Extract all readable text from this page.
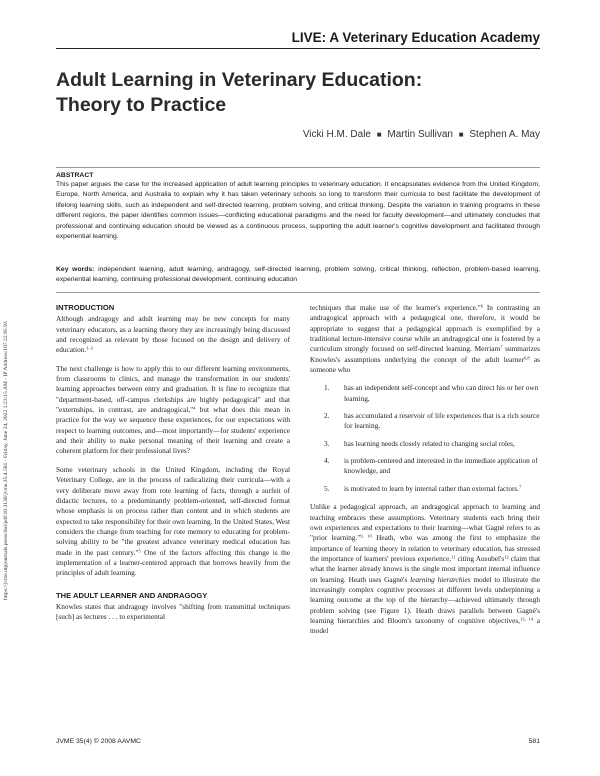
LIVE: A Veterinary Education Academy
Adult Learning in Veterinary Education:
Theory to Practice
Vicki H.M. Dale ■ Martin Sullivan ■ Stephen A. May
https://jvme.utpjournals.press/doi/pdf/10.3138/jvme.35.4.581 - Friday, June 24, 2022 1:23:15 AM - IP Address:107.22.95.93
ABSTRACT
This paper argues the case for the increased application of adult learning principles to veterinary education. It encapsulates evidence from the United Kingdom, Europe, North America, and Australia to explain why it has taken veterinary schools so long to transform their curricula to best facilitate the development of lifelong learning skills, such as independent and self-directed learning, problem solving, and critical thinking. Despite the variation in training programs in these different regions, the paper identifies common issues—conflicting educational paradigms and the need for faculty development—and ultimately concludes that professional and continuing education should be viewed as a continuous process, supporting the adult learner's cognitive development and facilitated through experiential learning.
Key words: independent learning, adult learning, andragogy, self-directed learning, problem solving, critical thinking, reflection, problem-based learning, experiential learning, continuing professional development, continuing education
INTRODUCTION

Although andragogy and adult learning may be new concepts for many veterinary educators, as a learning theory they are increasingly being discussed and recognized as relevant by those focused on the design and delivery of education.$^{1-3}$

The next challenge is how to apply this to our different learning environments, from classrooms to clinics, and manage the transformation in our students' learning approaches between entry and graduation. It is fine to recognize that "department-based, off-campus clerkships are highly pedagogical" and that "externships, in contrast, are andragogical,"$^4$ but what does this mean in practice for the way we sequence these experiences, for our expectations with respect to learning outcomes, and—most importantly—for students' experience and their ability to make personal meaning of their learning and create a coherent platform for their professional lives?

Some veterinary schools in the United Kingdom, including the Royal Veterinary College, are in the process of radicalizing their curricula—with a very deliberate move away from rote learning of facts, through a surfeit of didactic lectures, to a predominantly problem-oriented, self-directed format whose emphasis is on process rather than content and in which students are expected to take responsibility for their own learning. In the United States, West considers the change from teaching for rote memory to educating for problem-solving ability to be "the greatest advance veterinary medical education has made in the past century."$^5$ One of the factors affecting this change is the implementation of a learner-centered approach that borrows heavily from the principles of adult learning.

THE ADULT LEARNER AND ANDRAGOGY

Knowles states that andragogy involves "shifting from transmittal techniques [such] as lectures . . . to experimental

techniques that make use of the learner's experience."$^6$ In contrasting an andragogical approach with a pedagogical one, therefore, it would be appropriate to suggest that a pedagogical approach is exemplified by a traditional lecture-intensive course while an andragogical one is fostered by a curriculum strongly focused on self-directed learning. Merriam$^7$ summarizes Knowles's assumptions underlying the concept of the adult learner$^{6,8}$ as someone who

1.	has an independent self-concept and who can direct his or her own learning,
2.	has accumulated a reservoir of life experiences that is a rich source for learning,
3.	has learning needs closely related to changing social roles,
4.	is problem-centered and interested in the immediate application of knowledge, and
5.	is motivated to learn by internal rather than external factors.$^7$

Unlike a pedagogical approach, an andragogical approach to learning and teaching embraces these assumptions. Veterinary students each bring their own experiences and expectations to their learning—what Gagné refers to as "prior learning."$^{9, 10}$ Heath, who was among the first to emphasize the importance of learning theory in relation to veterinary education, has stressed the importance of learners' previous experience,$^{11}$ citing $Ausubel's^{12}$ claim that what the learner already knows is the single most important internal influence on learning. Heath uses Gagné's learning hierarchies model to illustrate the increasingly complex cognitive processes at different levels underpinning a learning outcome at the top of the hierarchy—achieved ultimately through problem solving (see Figure 1). Heath draws parallels between Gagné's learning hierarchies and Bloom's taxonomy of cognitive objectives,$^{13, 14}$ a model

JVME 35(4) © 2008 AAVMC	581
